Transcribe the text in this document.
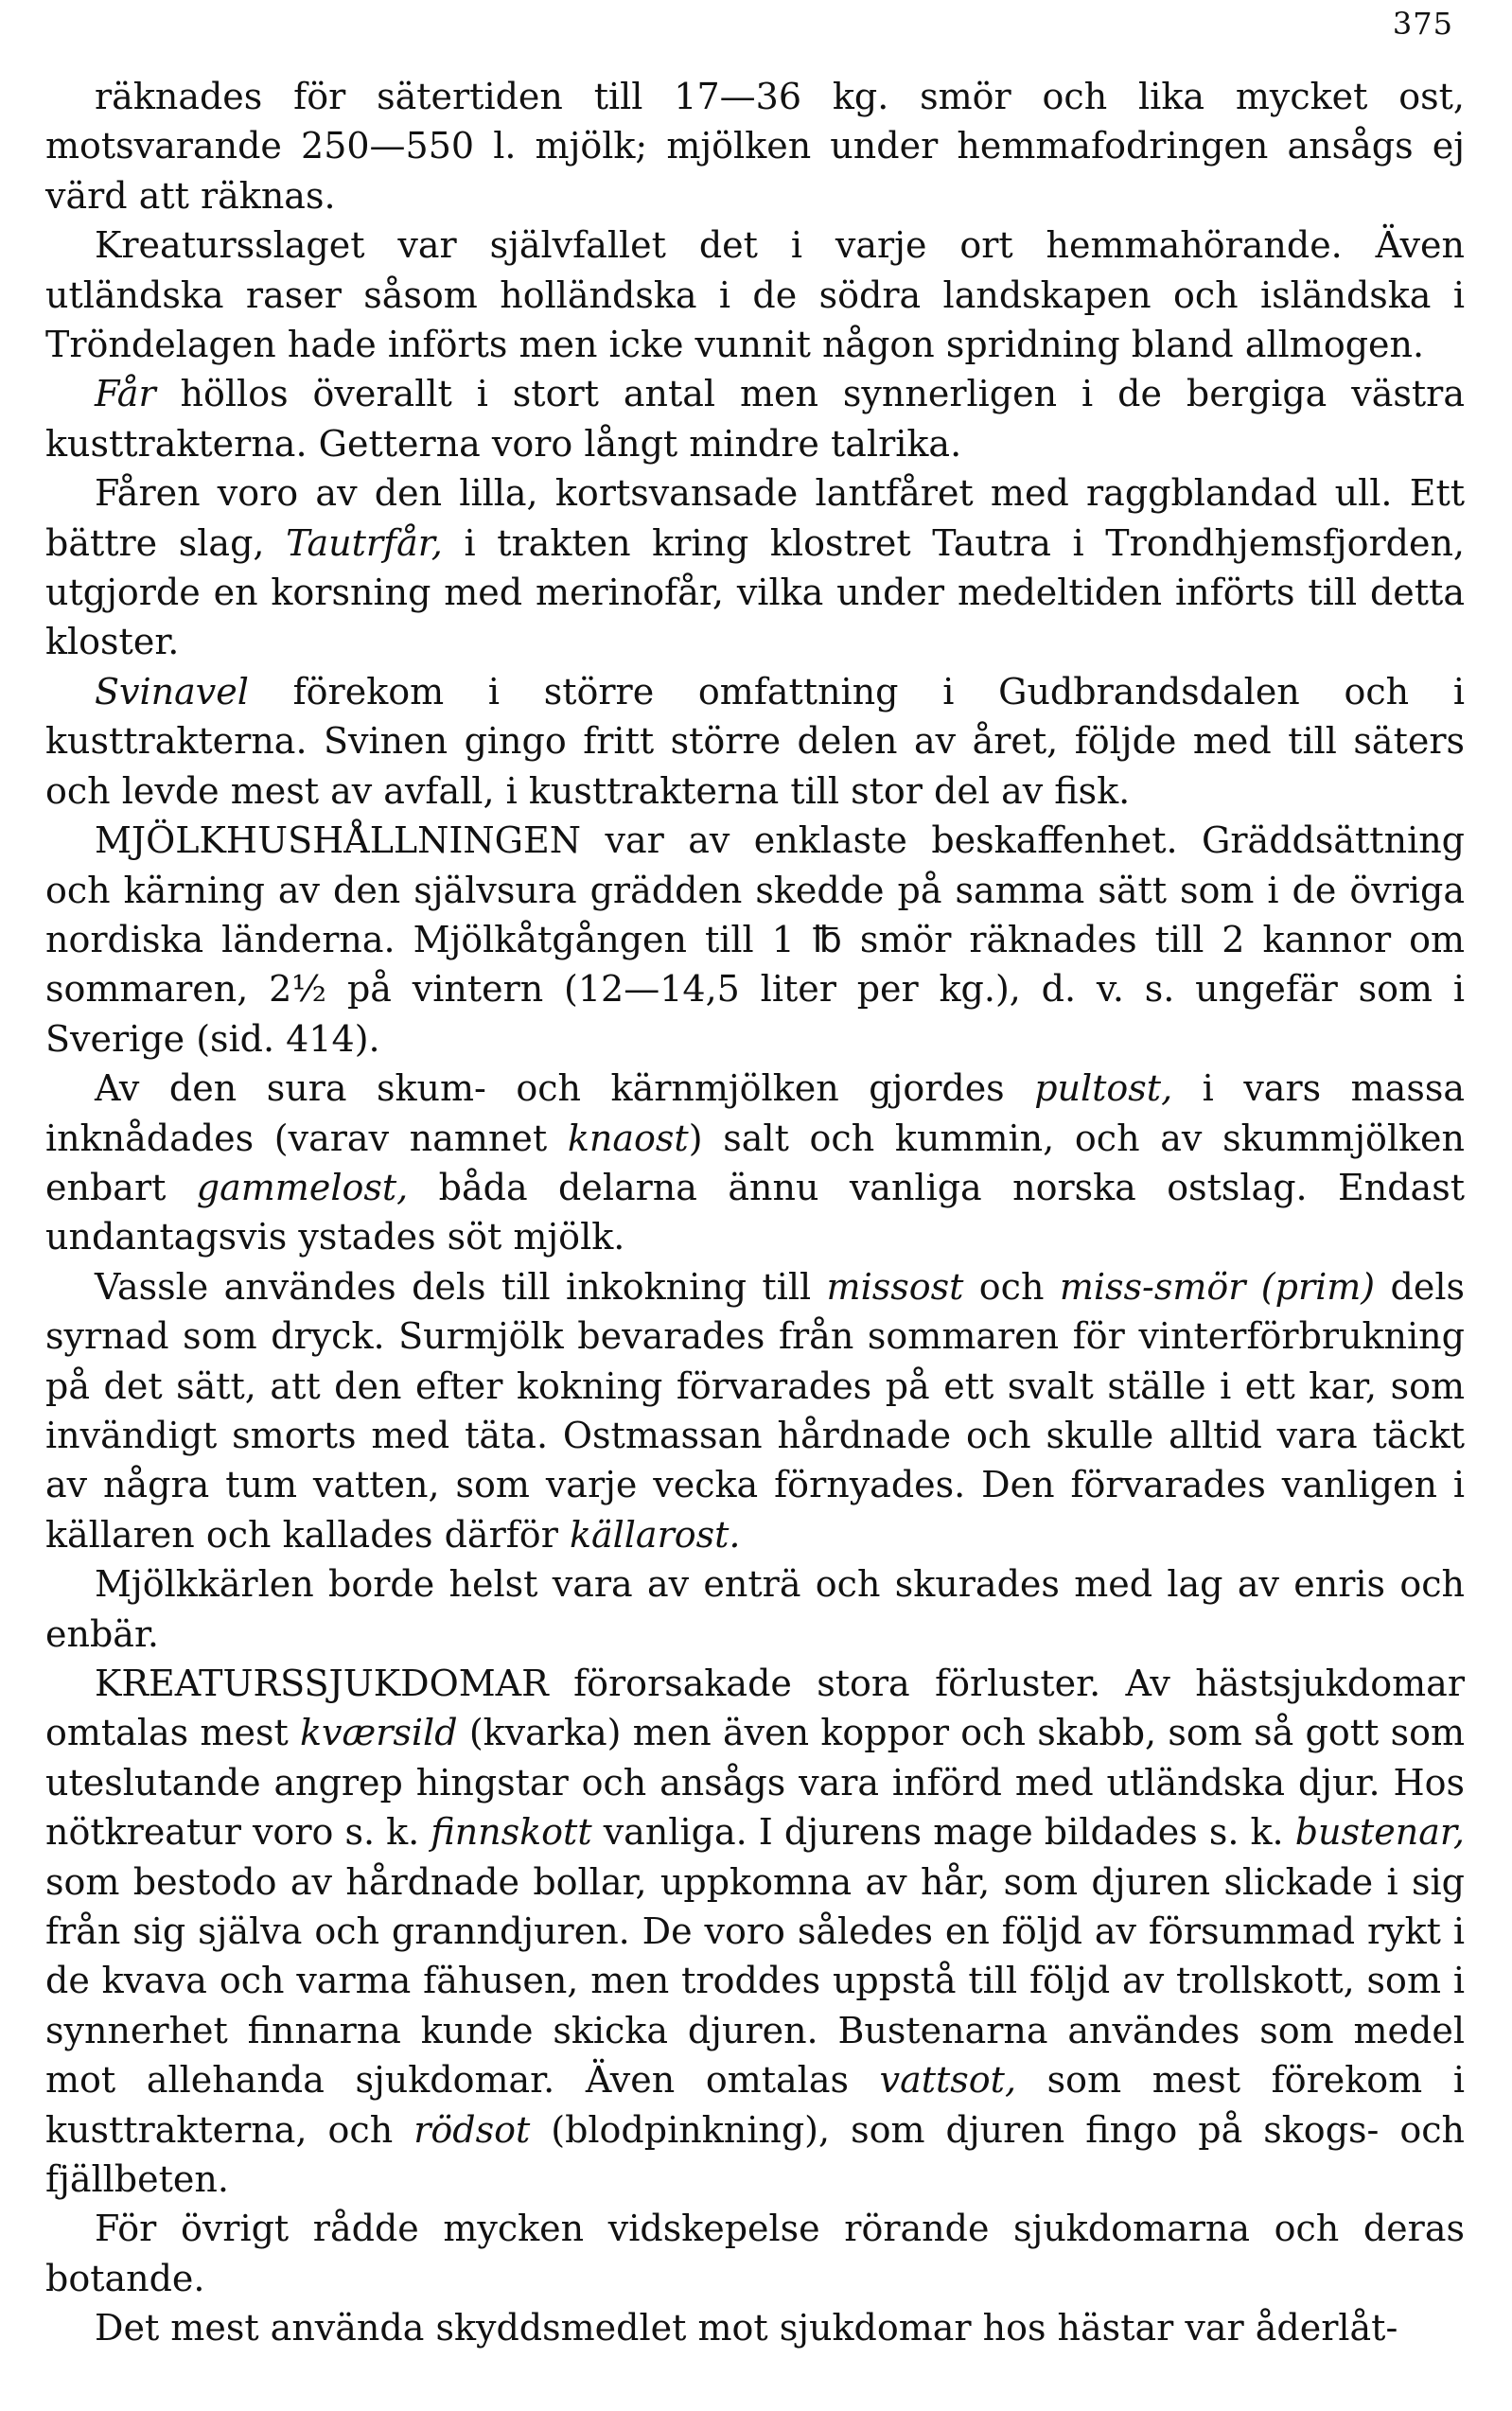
375

räknades för sätertiden till 17—36 kg. smör och lika mycket ost, motsvarande 250—550 l. mjölk; mjölken under hemmafodringen ansågs ej värd att räknas.

Kreatursslaget var självfallet det i varje ort hemmahörande. Även utländska raser såsom holländska i de södra landskapen och isländska i Tröndelagen hade införts men icke vunnit någon spridning bland allmogen.

Får höllos överallt i stort antal men synnerligen i de bergiga västra kusttrakterna. Getterna voro långt mindre talrika.

Fåren voro av den lilla, kortsvansade lantfåret med raggblandad ull. Ett bättre slag, Tautrfår, i trakten kring klostret Tautra i Trondhjemsfjorden, utgjorde en korsning med merinofår, vilka under medeltiden införts till detta kloster.

Svinavel förekom i större omfattning i Gudbrandsdalen och i kusttrakterna. Svinen gingo fritt större delen av året, följde med till säters och levde mest av avfall, i kusttrakterna till stor del av fisk.

MJÖLKHUSHÅLLNINGEN var av enklaste beskaffenhet. Gräddsättning och kärning av den självsura grädden skedde på samma sätt som i de övriga nordiska länderna. Mjölkåtgången till 1 ℔ smör räknades till 2 kannor om sommaren, 2½ på vintern (12—14,5 liter per kg.), d. v. s. ungefär som i Sverige (sid. 414).

Av den sura skum- och kärnmjölken gjordes pultost, i vars massa inknådades (varav namnet knaost) salt och kummin, och av skummjölken enbart gammelost, båda delarna ännu vanliga norska ostslag. Endast undantagsvis ystades söt mjölk.

Vassle användes dels till inkokning till missost och miss-smör (prim) dels syrnad som dryck. Surmjölk bevarades från sommaren för vinterförbrukning på det sätt, att den efter kokning förvarades på ett svalt ställe i ett kar, som invändigt smorts med täta. Ostmassan hårdnade och skulle alltid vara täckt av några tum vatten, som varje vecka förnyades. Den förvarades vanligen i källaren och kallades därför källarost.

Mjölkkärlen borde helst vara av enträ och skurades med lag av enris och enbär.

KREATURSSJUKDOMAR förorsakade stora förluster. Av hästsjukdomar omtalas mest kværsild (kvarka) men även koppor och skabb, som så gott som uteslutande angrep hingstar och ansågs vara införd med utländska djur. Hos nötkreatur voro s. k. finnskott vanliga. I djurens mage bildades s. k. bustenar, som bestodo av hårdnade bollar, uppkomna av hår, som djuren slickade i sig från sig själva och granndjuren. De voro således en följd av försummad rykt i de kvava och varma fähusen, men troddes uppstå till följd av trollskott, som i synnerhet finnarna kunde skicka djuren. Bustenarna användes som medel mot allehanda sjukdomar. Även omtalas vattsot, som mest förekom i kusttrakterna, och rödsot (blodpinkning), som djuren fingo på skogs- och fjällbeten.

För övrigt rådde mycken vidskepelse rörande sjukdomarna och deras botande.

Det mest använda skyddsmedlet mot sjukdomar hos hästar var åderlåt-
